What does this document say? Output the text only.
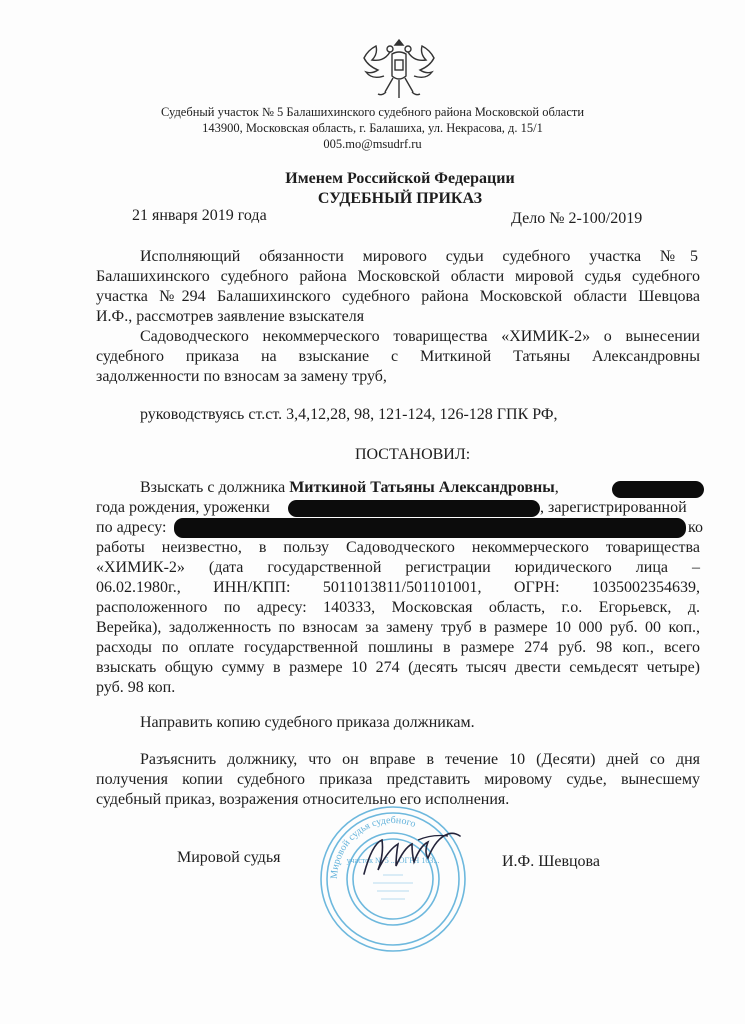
Судебный участок № 5 Балашихинского судебного района Московской области
143900, Московская область, г. Балашиха, ул. Некрасова, д. 15/1
005.mo@msudrf.ru
Именем Российской Федерации
СУДЕБНЫЙ ПРИКАЗ
21 января 2019 года	Дело № 2-100/2019
Исполняющий обязанности мирового судьи судебного участка №5
Балашихинского судебного района Московской области мировой судья судебного
участка №294 Балашихинского судебного района Московской области Шевцова
И.Ф., рассмотрев заявление взыскателя
Садоводческого некоммерческого товарищества «ХИМИК-2» о вынесении
судебного приказа на взыскание с Миткиной Татьяны Александровны
задолженности по взносам за замену труб,
руководствуясь ст.ст. 3,4,12,28, 98, 121-124, 126-128 ГПК РФ,
ПОСТАНОВИЛ:
Взыскать с должника Миткиной Татьяны Александровны,
года рождения, уроженки	, зарегистрированной
по адресу:	ко
работы неизвестно, в пользу Садоводческого некоммерческого товарищества
«ХИМИК-2» (дата государственной регистрации юридического лица –
06.02.1980г., ИНН/КПП: 5011013811/501101001, ОГРН: 1035002354639,
расположенного по адресу: 140333, Московская область, г.о. Егорьевск, д.
Верейка), задолженность по взносам за замену труб в размере 10 000 руб. 00 коп.,
расходы по оплате государственной пошлины в размере 274 руб. 98 коп., всего
взыскать общую сумму в размере 10 274 (десять тысяч двести семьдесят четыре)
руб. 98 коп.
Направить копию судебного приказа должникам.
Разъяснить должнику, что он вправе в течение 10 (Десяти) дней со дня
получения копии судебного приказа представить мировому судье, вынесшему
судебный приказ, возражения относительно его исполнения.
Мировой судья судебного
участок № 5 ... ОГРН 103...
Мировой судья	И.Ф. Шевцова
